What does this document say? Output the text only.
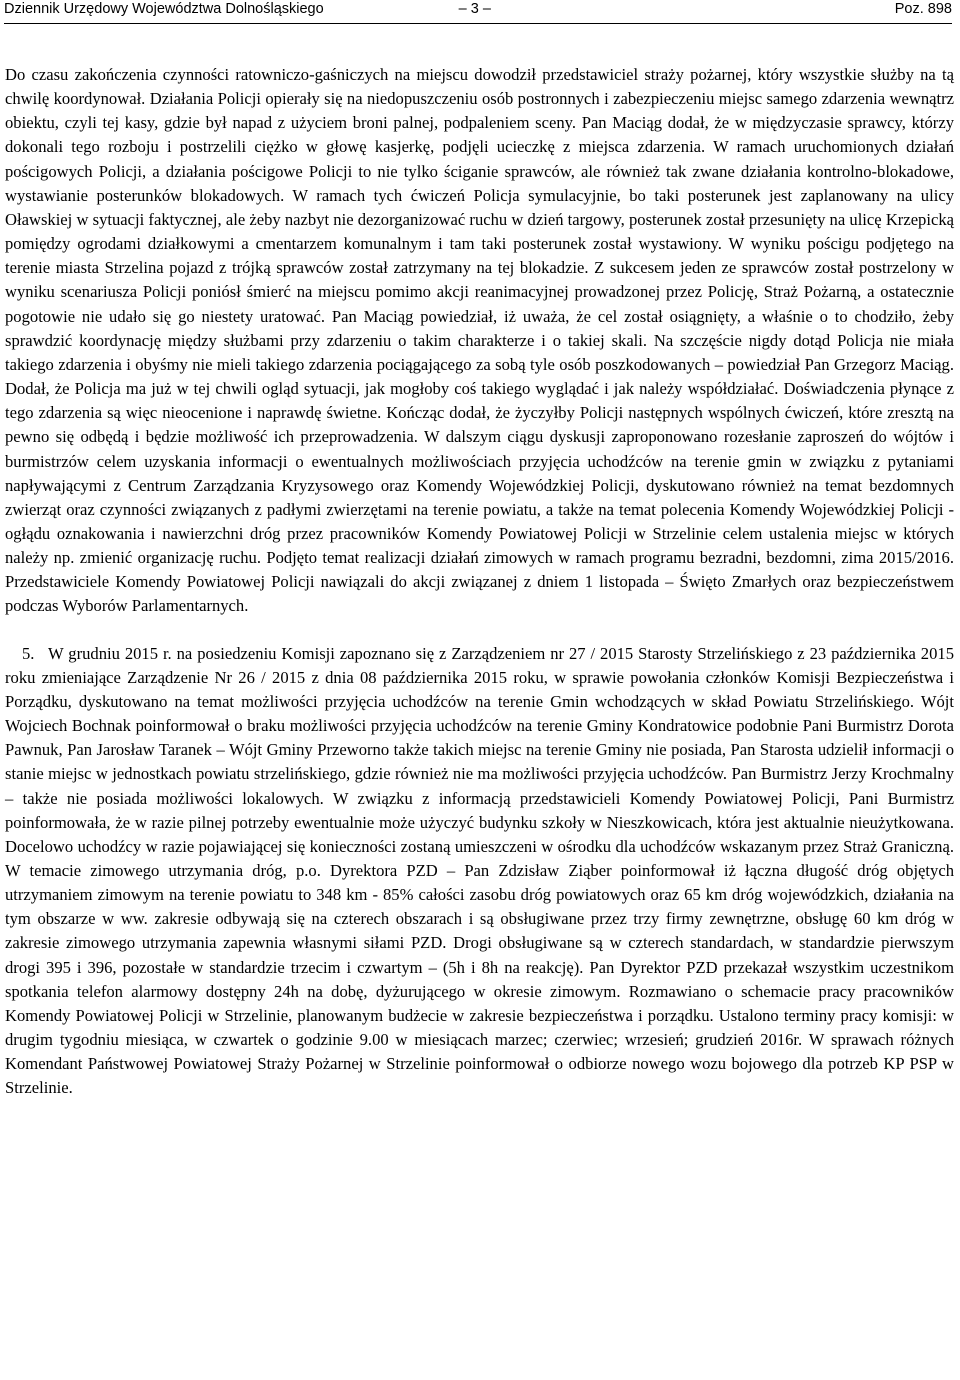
Dziennik Urzędowy Województwa Dolnośląskiego	– 3 –	Poz. 898

Do czasu zakończenia czynności ratowniczo-gaśniczych na miejscu dowodził przedstawiciel straży pożarnej, który wszystkie służby na tą chwilę koordynował. Działania Policji opierały się na niedopuszczeniu osób postronnych i zabezpieczeniu miejsc samego zdarzenia wewnątrz obiektu, czyli tej kasy, gdzie był napad z użyciem broni palnej, podpaleniem sceny. Pan Maciąg dodał, że w międzyczasie sprawcy, którzy dokonali tego rozboju i postrzelili ciężko w głowę kasjerkę, podjęli ucieczkę z miejsca zdarzenia. W ramach uruchomionych działań pościgowych Policji, a działania pościgowe Policji to nie tylko ściganie sprawców, ale również tak zwane działania kontrolno-blokadowe, wystawianie posterunków blokadowych. W ramach tych ćwiczeń Policja symulacyjnie, bo taki posterunek jest zaplanowany na ulicy Oławskiej w sytuacji faktycznej, ale żeby nazbyt nie dezorganizować ruchu w dzień targowy, posterunek został przesunięty na ulicę Krzepicką pomiędzy ogrodami działkowymi a cmentarzem komunalnym i tam taki posterunek został wystawiony. W wyniku pościgu podjętego na terenie miasta Strzelina pojazd z trójką sprawców został zatrzymany na tej blokadzie. Z sukcesem jeden ze sprawców został postrzelony w wyniku scenariusza Policji poniósł śmierć na miejscu pomimo akcji reanimacyjnej prowadzonej przez Policję, Straż Pożarną, a ostatecznie pogotowie nie udało się go niestety uratować. Pan Maciąg powiedział, iż uważa, że cel został osiągnięty, a właśnie o to chodziło, żeby sprawdzić koordynację między służbami przy zdarzeniu o takim charakterze i o takiej skali. Na szczęście nigdy dotąd Policja nie miała takiego zdarzenia i obyśmy nie mieli takiego zdarzenia pociągającego za sobą tyle osób poszkodowanych – powiedział Pan Grzegorz Maciąg. Dodał, że Policja ma już w tej chwili ogląd sytuacji, jak mogłoby coś takiego wyglądać i jak należy współdziałać. Doświadczenia płynące z tego zdarzenia są więc nieocenione i naprawdę świetne. Kończąc dodał, że życzyłby Policji następnych wspólnych ćwiczeń, które zresztą na pewno się odbędą i będzie możliwość ich przeprowadzenia. W dalszym ciągu dyskusji zaproponowano rozesłanie zaproszeń do wójtów i burmistrzów celem uzyskania informacji o ewentualnych możliwościach przyjęcia uchodźców na terenie gmin w związku z pytaniami napływającymi z Centrum Zarządzania Kryzysowego oraz Komendy Wojewódzkiej Policji, dyskutowano również na temat bezdomnych zwierząt oraz czynności związanych z padłymi zwierzętami na terenie powiatu, a także na temat polecenia Komendy Wojewódzkiej Policji -ogłądu oznakowania i nawierzchni dróg przez pracowników Komendy Powiatowej Policji w Strzelinie celem ustalenia miejsc w których należy np. zmienić organizację ruchu. Podjęto temat realizacji działań zimowych w ramach programu bezradni, bezdomni, zima 2015/2016. Przedstawiciele Komendy Powiatowej Policji nawiązali do akcji związanej z dniem 1 listopada – Święto Zmarłych oraz bezpieczeństwem podczas Wyborów Parlamentarnych.

5. W grudniu 2015 r. na posiedzeniu Komisji zapoznano się z Zarządzeniem nr 27 / 2015 Starosty Strzelińskiego z 23 października 2015 roku zmieniające Zarządzenie Nr 26 / 2015 z dnia 08 października 2015 roku, w sprawie powołania członków Komisji Bezpieczeństwa i Porządku, dyskutowano na temat możliwości przyjęcia uchodźców na terenie Gmin wchodzących w skład Powiatu Strzelińskiego. Wójt Wojciech Bochnak poinformował o braku możliwości przyjęcia uchodźców na terenie Gminy Kondratowice podobnie Pani Burmistrz Dorota Pawnuk, Pan Jarosław Taranek – Wójt Gminy Przeworno także takich miejsc na terenie Gminy nie posiada, Pan Starosta udzielił informacji o stanie miejsc w jednostkach powiatu strzelińskiego, gdzie również nie ma możliwości przyjęcia uchodźców. Pan Burmistrz Jerzy Krochmalny – także nie posiada możliwości lokalowych. W związku z informacją przedstawicieli Komendy Powiatowej Policji, Pani Burmistrz poinformowała, że w razie pilnej potrzeby ewentualnie może użyczyć budynku szkoły w Nieszkowicach, która jest aktualnie nieużytkowana. Docelowo uchodźcy w razie pojawiającej się konieczności zostaną umieszczeni w ośrodku dla uchodźców wskazanym przez Straż Graniczną. W temacie zimowego utrzymania dróg, p.o. Dyrektora PZD – Pan Zdzisław Ziąber poinformował iż łączna długość dróg objętych utrzymaniem zimowym na terenie powiatu to 348 km - 85% całości zasobu dróg powiatowych oraz 65 km dróg wojewódzkich, działania na tym obszarze w ww. zakresie odbywają się na czterech obszarach i są obsługiwane przez trzy firmy zewnętrzne, obsługę 60 km dróg w zakresie zimowego utrzymania zapewnia własnymi siłami PZD. Drogi obsługiwane są w czterech standardach, w standardzie pierwszym drogi 395 i 396, pozostałe w standardzie trzecim i czwartym – (5h i 8h na reakcję). Pan Dyrektor PZD przekazał wszystkim uczestnikom spotkania telefon alarmowy dostępny 24h na dobę, dyżurującego w okresie zimowym. Rozmawiano o schemacie pracy pracowników Komendy Powiatowej Policji w Strzelinie, planowanym budżecie w zakresie bezpieczeństwa i porządku. Ustalono terminy pracy komisji: w drugim tygodniu miesiąca, w czwartek o godzinie 9.00 w miesiącach marzec; czerwiec; wrzesień; grudzień 2016r. W sprawach różnych Komendant Państwowej Powiatowej Straży Pożarnej w Strzelinie poinformował o odbiorze nowego wozu bojowego dla potrzeb KP PSP w Strzelinie.
